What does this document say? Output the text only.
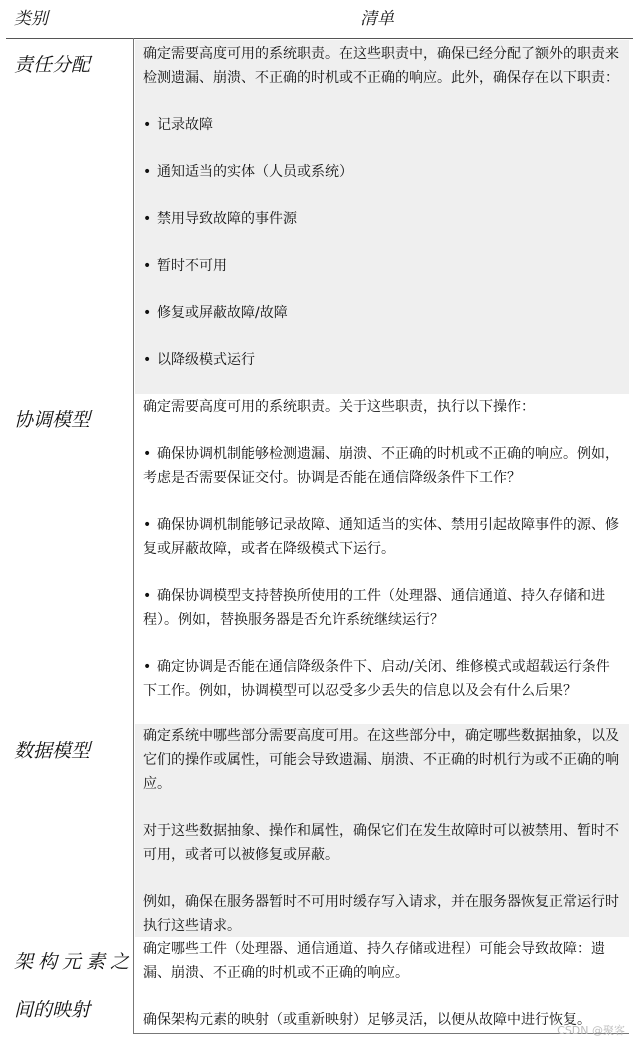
类别	清单
责任分配	确定需要高度可用的系统职责。在这些职责中，确保已经分配了额外的职责来检测遗漏、崩溃、不正确的时机或不正确的响应。此外，确保存在以下职责：

• 记录故障

• 通知适当的实体（人员或系统）

• 禁用导致故障的事件源

• 暂时不可用

• 修复或屏蔽故障/故障

• 以降级模式运行

协调模型

确定需要高度可用的系统职责。关于这些职责，执行以下操作：

• 确保协调机制能够检测遗漏、崩溃、不正确的时机或不正确的响应。例如，考虑是否需要保证交付。协调是否能在通信降级条件下工作？

• 确保协调机制能够记录故障、通知适当的实体、禁用引起故障事件的源、修复或屏蔽故障，或者在降级模式下运行。

• 确保协调模型支持替换所使用的工件（处理器、通信通道、持久存储和进程）。例如，替换服务器是否允许系统继续运行？

• 确定协调是否能在通信降级条件下、启动/关闭、维修模式或超载运行条件下工作。例如，协调模型可以忍受多少丢失的信息以及会有什么后果？

数据模型

确定系统中哪些部分需要高度可用。在这些部分中，确定哪些数据抽象，以及它们的操作或属性，可能会导致遗漏、崩溃、不正确的时机行为或不正确的响应。

对于这些数据抽象、操作和属性，确保它们在发生故障时可以被禁用、暂时不可用，或者可以被修复或屏蔽。

例如，确保在服务器暂时不可用时缓存写入请求，并在服务器恢复正常运行时执行这些请求。

架构元素之
间的映射

确定哪些工件（处理器、通信通道、持久存储或进程）可能会导致故障：遗漏、崩溃、不正确的时机或不正确的响应。

确保架构元素的映射（或重新映射）足够灵活，以便从故障中进行恢复。

CSDN @聚客
